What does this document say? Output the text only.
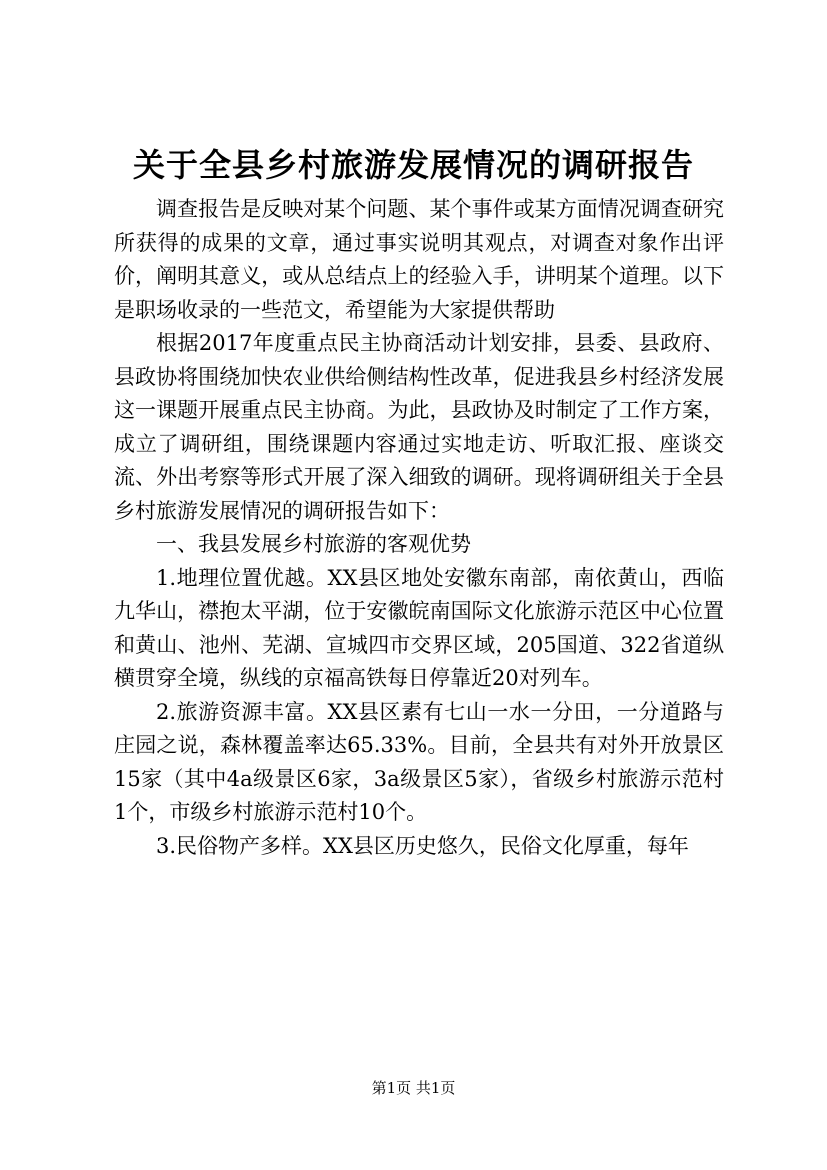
关于全县乡村旅游发展情况的调研报告

调查报告是反映对某个问题、某个事件或某方面情况调查研究所获得的成果的文章，通过事实说明其观点，对调查对象作出评价，阐明其意义，或从总结点上的经验入手，讲明某个道理。以下是职场收录的一些范文，希望能为大家提供帮助

根据2017年度重点民主协商活动计划安排，县委、县政府、县政协将围绕加快农业供给侧结构性改革，促进我县乡村经济发展这一课题开展重点民主协商。为此，县政协及时制定了工作方案，成立了调研组，围绕课题内容通过实地走访、听取汇报、座谈交流、外出考察等形式开展了深入细致的调研。现将调研组关于全县乡村旅游发展情况的调研报告如下：

一、我县发展乡村旅游的客观优势

1.地理位置优越。XX县区地处安徽东南部，南依黄山，西临九华山，襟抱太平湖，位于安徽皖南国际文化旅游示范区中心位置和黄山、池州、芜湖、宣城四市交界区域，205国道、322省道纵横贯穿全境，纵线的京福高铁每日停靠近20对列车。

2.旅游资源丰富。XX县区素有七山一水一分田，一分道路与庄园之说，森林覆盖率达65.33%。目前，全县共有对外开放景区15家（其中4a级景区6家，3a级景区5家），省级乡村旅游示范村1个，市级乡村旅游示范村10个。

3.民俗物产多样。XX县区历史悠久，民俗文化厚重，每年

第1页 共1页
